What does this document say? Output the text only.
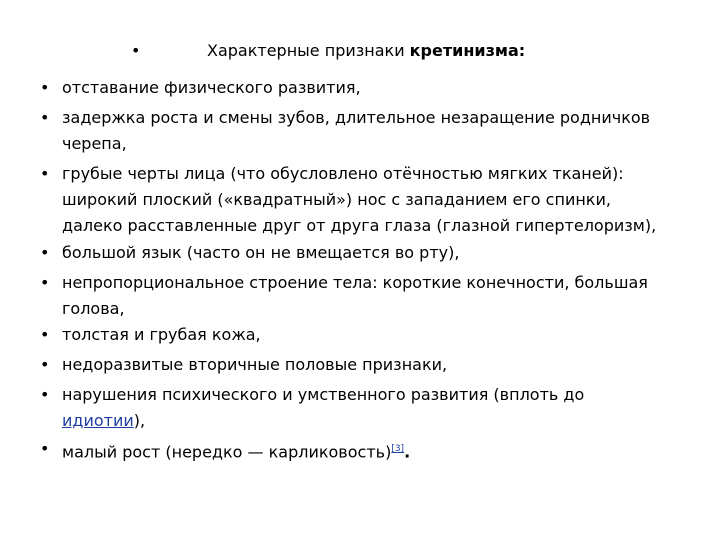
•	Характерные признаки кретинизма:
• отставание физического развития,
• задержка роста и смены зубов, длительное незаращение родничков
черепа,
• грубые черты лица (что обусловлено отёчностью мягких тканей):
широкий плоский («квадратный») нос с западанием его спинки,
далеко расставленные друг от друга глаза (глазной гипертелоризм),
• большой язык (часто он не вмещается во рту),
• непропорциональное строение тела: короткие конечности, большая
голова,
• толстая и грубая кожа,
• недоразвитые вторичные половые признаки,
• нарушения психического и умственного развития (вплоть до
идиотии),
• малый рост (нередко — карликовость)[3].
